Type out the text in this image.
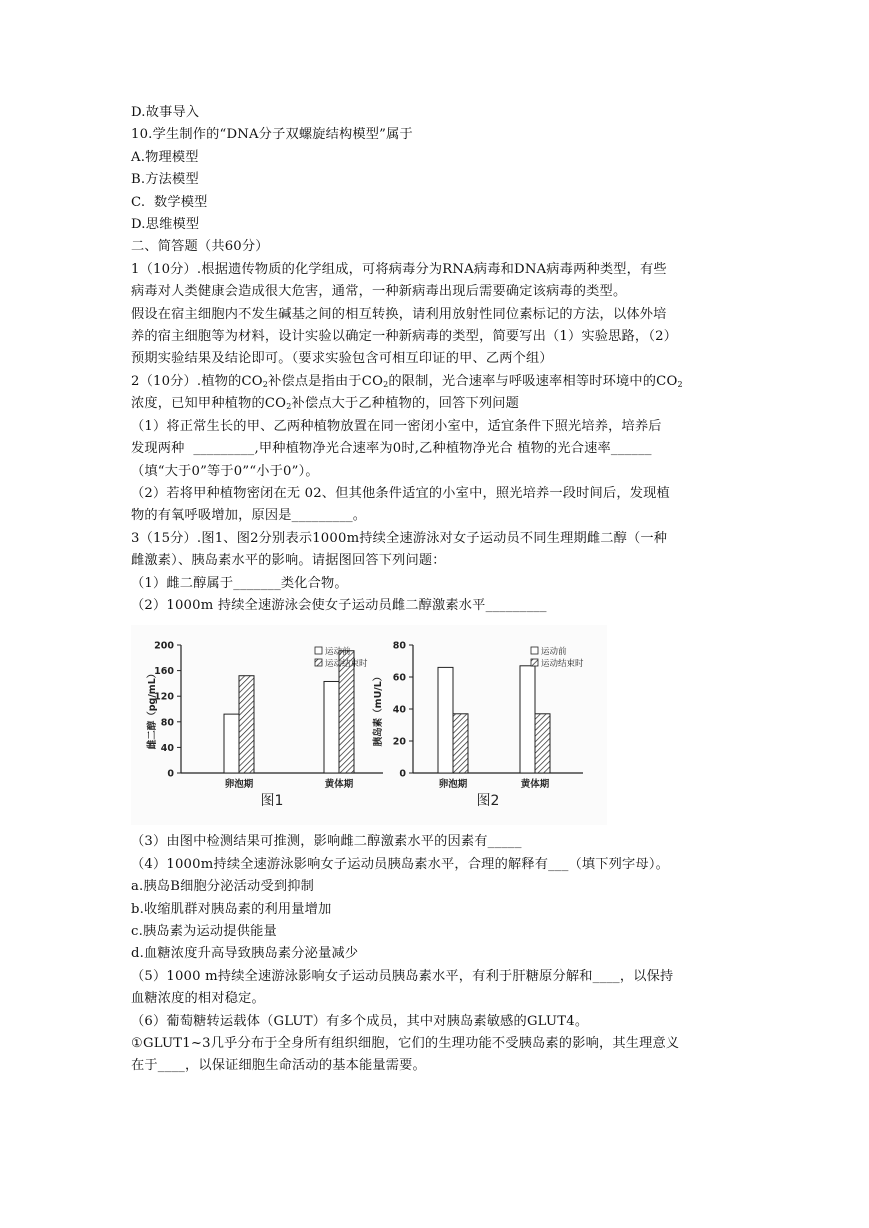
D.故事导入
10.学生制作的“DNA分子双螺旋结构模型”属于
A.物理模型
B.方法模型
C.  数学模型
D.思维模型
二、简答题（共60分）
1（10分）.根据遗传物质的化学组成，可将病毒分为RNA病毒和DNA病毒两种类型，有些
病毒对人类健康会造成很大危害，通常，一种新病毒出现后需要确定该病毒的类型。
假设在宿主细胞内不发生碱基之间的相互转换，请利用放射性同位素标记的方法，以体外培
养的宿主细胞等为材料，设计实验以确定一种新病毒的类型，简要写出（1）实验思路，（2）
预期实验结果及结论即可。（要求实验包含可相互印证的甲、乙两个组）
2（10分）.植物的$CO_2$补偿点是指由于$CO_2$的限制，光合速率与呼吸速率相等时环境中的$CO_2$
浓度，已知甲种植物的$CO_2$补偿点大于乙种植物的，回答下列问题
（1）将正常生长的甲、乙两种植物放置在同一密闭小室中，适宜条件下照光培养，培养后
发现两种  _________,甲种植物净光合速率为0时,乙种植物净光合 植物的光合速率______
（填“大于0”等于0”“小于0”）。
（2）若将甲种植物密闭在无 02、但其他条件适宜的小室中，照光培养一段时间后，发现植
物的有氧呼吸增加，原因是_________。
3（15分）.图1、图2分别表示1000m持续全速游泳对女子运动员不同生理期雌二醇（一种
雌激素）、胰岛素水平的影响。请据图回答下列问题：
（1）雌二醇属于_______类化合物。
（2）1000m 持续全速游泳会使女子运动员雌二醇激素水平_________
0
40
80
120
160
200
雌二醇（pg/mL）
卵泡期	黄体期
运动前
运动结束时
图1
0
20
40
60
80
胰岛素（mU/L）
卵泡期	黄体期
运动前
运动结束时
图2
（3）由图中检测结果可推测，影响雌二醇激素水平的因素有_____
（4）1000m持续全速游泳影响女子运动员胰岛素水平，合理的解释有___（填下列字母）。
a.胰岛B细胞分泌活动受到抑制
b.收缩肌群对胰岛素的利用量增加
c.胰岛素为运动提供能量
d.血糖浓度升高导致胰岛素分泌量减少
（5）1000 m持续全速游泳影响女子运动员胰岛素水平，有利于肝糖原分解和____，以保持
血糖浓度的相对稳定。
（6）葡萄糖转运载体（GLUT）有多个成员，其中对胰岛素敏感的GLUT4。
①GLUT1~3几乎分布于全身所有组织细胞，它们的生理功能不受胰岛素的影响，其生理意义
在于____，以保证细胞生命活动的基本能量需要。
